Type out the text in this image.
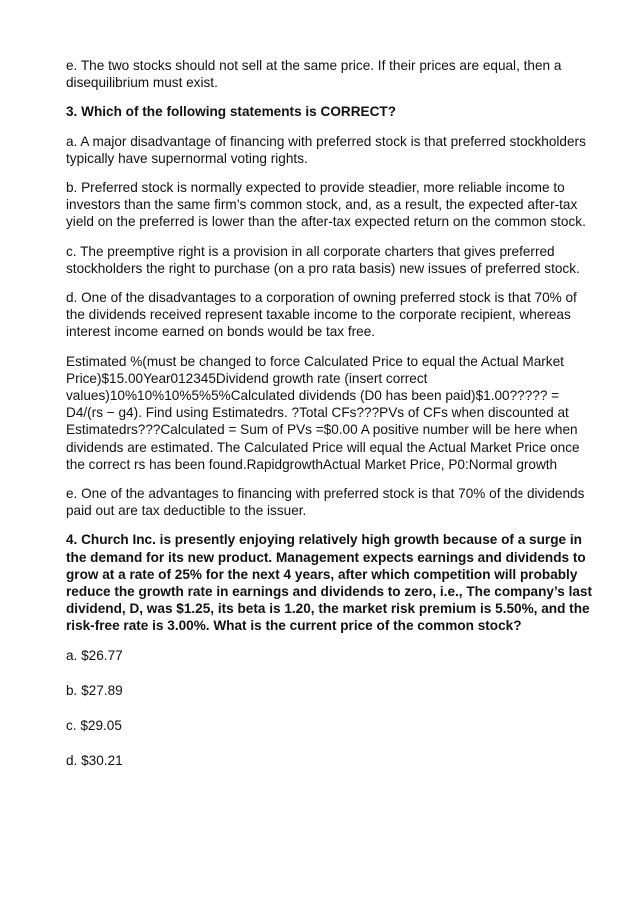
e. The two stocks should not sell at the same price. If their prices are equal, then a disequilibrium must exist.

3. Which of the following statements is CORRECT?

a. A major disadvantage of financing with preferred stock is that preferred stockholders typically have supernormal voting rights.

b. Preferred stock is normally expected to provide steadier, more reliable income to investors than the same firm’s common stock, and, as a result, the expected after-tax yield on the preferred is lower than the after-tax expected return on the common stock.

c. The preemptive right is a provision in all corporate charters that gives preferred stockholders the right to purchase (on a pro rata basis) new issues of preferred stock.

d. One of the disadvantages to a corporation of owning preferred stock is that 70% of the dividends received represent taxable income to the corporate recipient, whereas interest income earned on bonds would be tax free.

Estimated %(must be changed to force Calculated Price to equal the Actual Market Price)$15.00Year012345Dividend growth rate (insert correct values)10%10%10%5%5%Calculated dividends (D0 has been paid)$1.00????? = D4/(rs − g4). Find using Estimatedrs. ?Total CFs???PVs of CFs when discounted at Estimatedrs???Calculated = Sum of PVs =$0.00 A positive number will be here when dividends are estimated. The Calculated Price will equal the Actual Market Price once the correct rs has been found.RapidgrowthActual Market Price, P0:Normal growth

e. One of the advantages to financing with preferred stock is that 70% of the dividends paid out are tax deductible to the issuer.

4. Church Inc. is presently enjoying relatively high growth because of a surge in the demand for its new product. Management expects earnings and dividends to grow at a rate of 25% for the next 4 years, after which competition will probably reduce the growth rate in earnings and dividends to zero, i.e., The company’s last dividend, D, was $1.25, its beta is 1.20, the market risk premium is 5.50%, and the risk-free rate is 3.00%. What is the current price of the common stock?

a. $26.77

b. $27.89

c. $29.05

d. $30.21
